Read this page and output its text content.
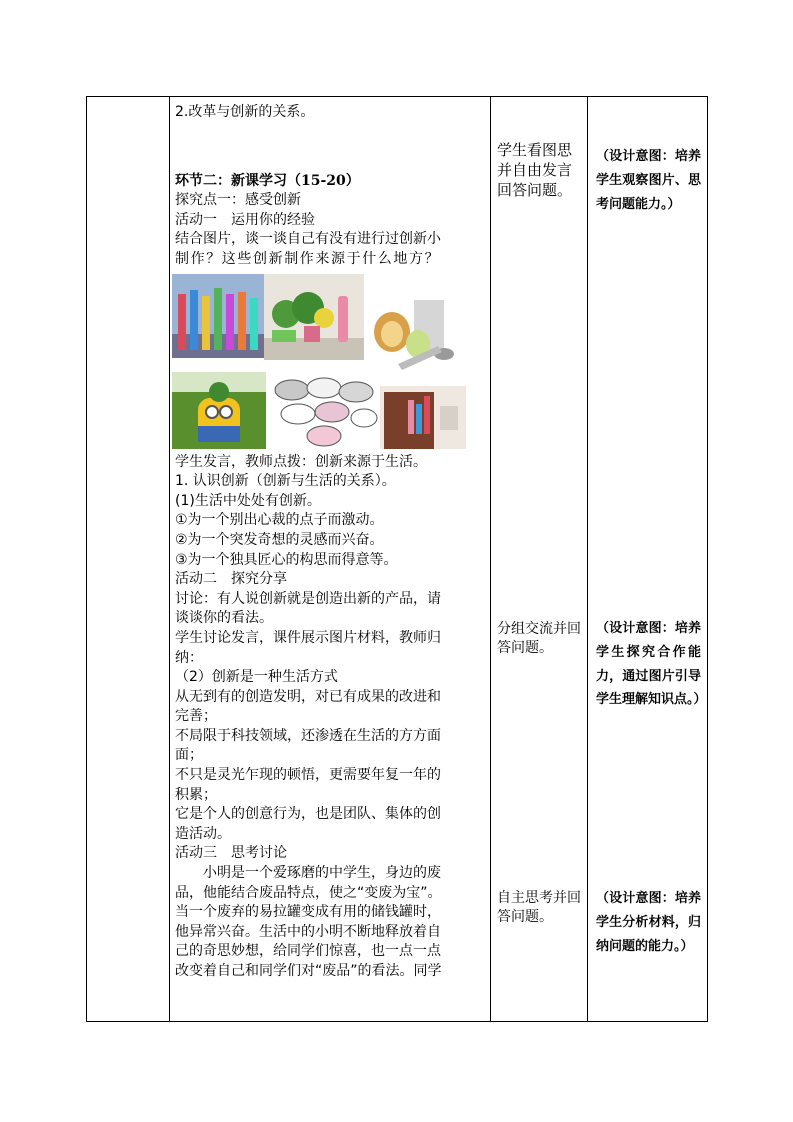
2.改革与创新的关系。
环节二：新课学习（15-20）
探究点一：感受创新
活动一　运用你的经验
结合图片，谈一谈自己有没有进行过创新小
制作？这些创新制作来源于什么地方？
学生发言，教师点拨：创新来源于生活。
1. 认识创新（创新与生活的关系）。
(1)生活中处处有创新。
①为一个别出心裁的点子而激动。
②为一个突发奇想的灵感而兴奋。
③为一个独具匠心的构思而得意等。
活动二　探究分享
讨论：有人说创新就是创造出新的产品，请
谈谈你的看法。
学生讨论发言，课件展示图片材料，教师归
纳：
（2）创新是一种生活方式
从无到有的创造发明，对已有成果的改进和
完善；
不局限于科技领域，还渗透在生活的方方面
面；
不只是灵光乍现的顿悟，更需要年复一年的
积累；
它是个人的创意行为，也是团队、集体的创
造活动。
活动三　思考讨论
　　小明是一个爱琢磨的中学生，身边的废
品，他能结合废品特点，使之“变废为宝”。
当一个废弃的易拉罐变成有用的储钱罐时，
他异常兴奋。生活中的小明不断地释放着自
己的奇思妙想，给同学们惊喜，也一点一点
改变着自己和同学们对“废品”的看法。同学
学生看图思并自由发言回答问题。
分组交流并回答问题。
自主思考并回答问题。
（设计意图：培养学生观察图片、思考问题能力。）
（设计意图：培养学生探究合作能力，通过图片引导学生理解知识点。）
（设计意图：培养学生分析材料，归纳问题的能力。）
